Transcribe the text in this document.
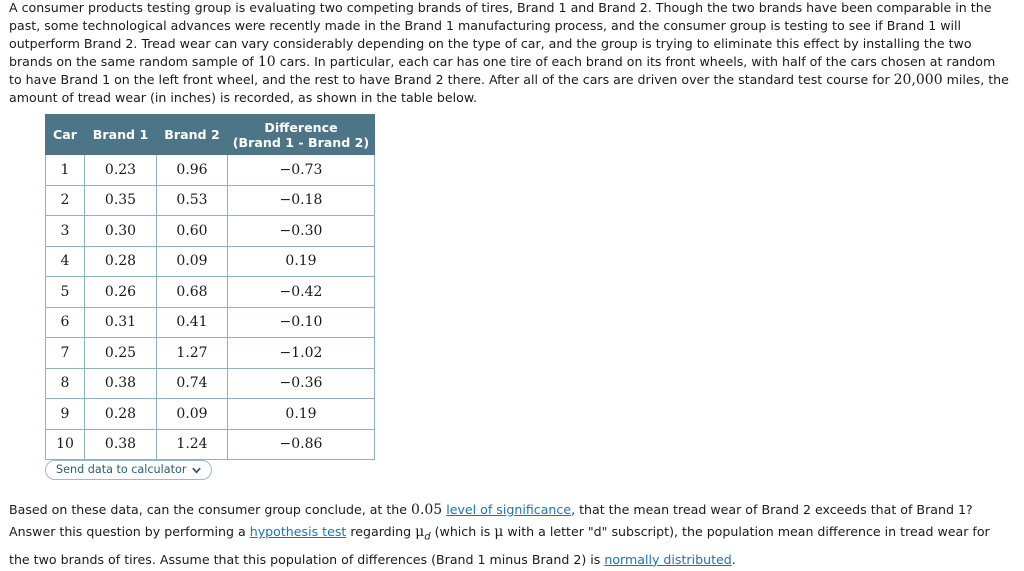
A consumer products testing group is evaluating two competing brands of tires, Brand 1 and Brand 2. Though the two brands have been comparable in the past, some technological advances were recently made in the Brand 1 manufacturing process, and the consumer group is testing to see if Brand 1 will outperform Brand 2. Tread wear can vary considerably depending on the type of car, and the group is trying to eliminate this effect by installing the two brands on the same random sample of 10 cars. In particular, each car has one tire of each brand on its front wheels, with half of the cars chosen at random to have Brand 1 on the left front wheel, and the rest to have Brand 2 there. After all of the cars are driven over the standard test course for 20,000 miles, the amount of tread wear (in inches) is recorded, as shown in the table below.

Car	Brand 1	Brand 2	Difference
(Brand 1 - Brand 2)
1	0.23	0.96	−0.73
2	0.35	0.53	−0.18
3	0.30	0.60	−0.30
4	0.28	0.09	0.19
5	0.26	0.68	−0.42
6	0.31	0.41	−0.10
7	0.25	1.27	−1.02
8	0.38	0.74	−0.36
9	0.28	0.09	0.19
10	0.38	1.24	−0.86
Send data to calculator

Based on these data, can the consumer group conclude, at the 0.05 level of significance, that the mean tread wear of Brand 2 exceeds that of Brand 1? Answer this question by performing a hypothesis test regarding $\mu_d$ (which is μ with a letter "d" subscript), the population mean difference in tread wear for the two brands of tires. Assume that this population of differences (Brand 1 minus Brand 2) is normally distributed.
